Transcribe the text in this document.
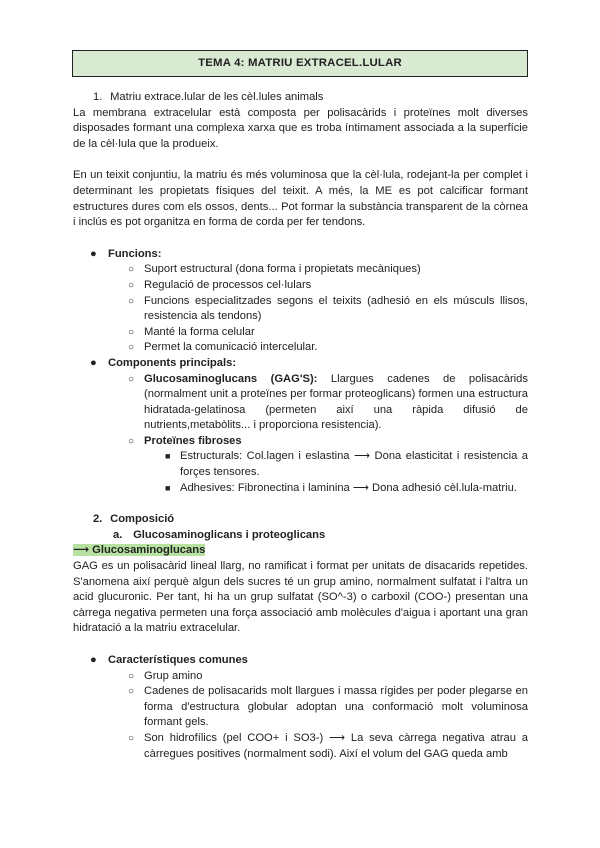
TEMA 4: MATRIU EXTRACEL.LULAR
1. Matriu extrace.lular de les cèl.lules animals

La membrana extracelular està composta per polisacàrids i proteïnes molt diverses disposades formant una complexa xarxa que es troba íntimament associada a la superfície de la cèl·lula que la produeix.

En un teixit conjuntiu, la matriu és més voluminosa que la cèl·lula, rodejant-la per complet i determinant les propietats físiques del teixit. A més, la ME es pot calcificar formant estructures dures com els ossos, dents... Pot formar la substància transparent de la còrnea i inclús es pot organitza en forma de corda per fer tendons.

● Funcions:
○ Suport estructural (dona forma i propietats mecàniques)
○ Regulació de processos cel·lulars
○ Funcions especialitzades segons el teixits (adhesió en els músculs llisos, resistencia als tendons)
○ Manté la forma celular
○ Permet la comunicació intercelular.
● Components principals:
○ Glucosaminoglucans (GAG'S): Llargues cadenes de polisacàrids (normalment unit a proteïnes per formar proteoglicans) formen una estructura hidratada-gelatinosa (permeten així una ràpida difusió de nutrients,metabòlits... i proporciona resistencia).
○ Proteïnes fibroses
■ Estructurals: Col.lagen i eslastina ⟶ Dona elasticitat i resistencia a forçes tensores.
■ Adhesives: Fibronectina i laminina ⟶ Dona adhesió cèl.lula-matriu.
2. Composició
a. Glucosaminoglicans i proteoglicans
⟶ Glucosaminoglucans

GAG es un polisacàrid lineal llarg, no ramificat i format per unitats de disacarids repetides. S'anomena així perquè algun dels sucres té un grup amino, normalment sulfatat i l'altra un acid glucuronic. Per tant, hi ha un grup sulfatat (SO^-3) o carboxil (COO-) presentan una càrrega negativa permeten una força associació amb molècules d'aigua i aportant una gran hidratació a la matriu extracelular.

● Característiques comunes
○ Grup amino
○ Cadenes de polisacarids molt llargues i massa rígides per poder plegarse en forma d'estructura globular adoptan una conformació molt voluminosa formant gels.
○ Son hidrofílics (pel COO+ i SO3-) ⟶ La seva càrrega negativa atrau a càrregues positives (normalment sodi). Així el volum del GAG queda amb
